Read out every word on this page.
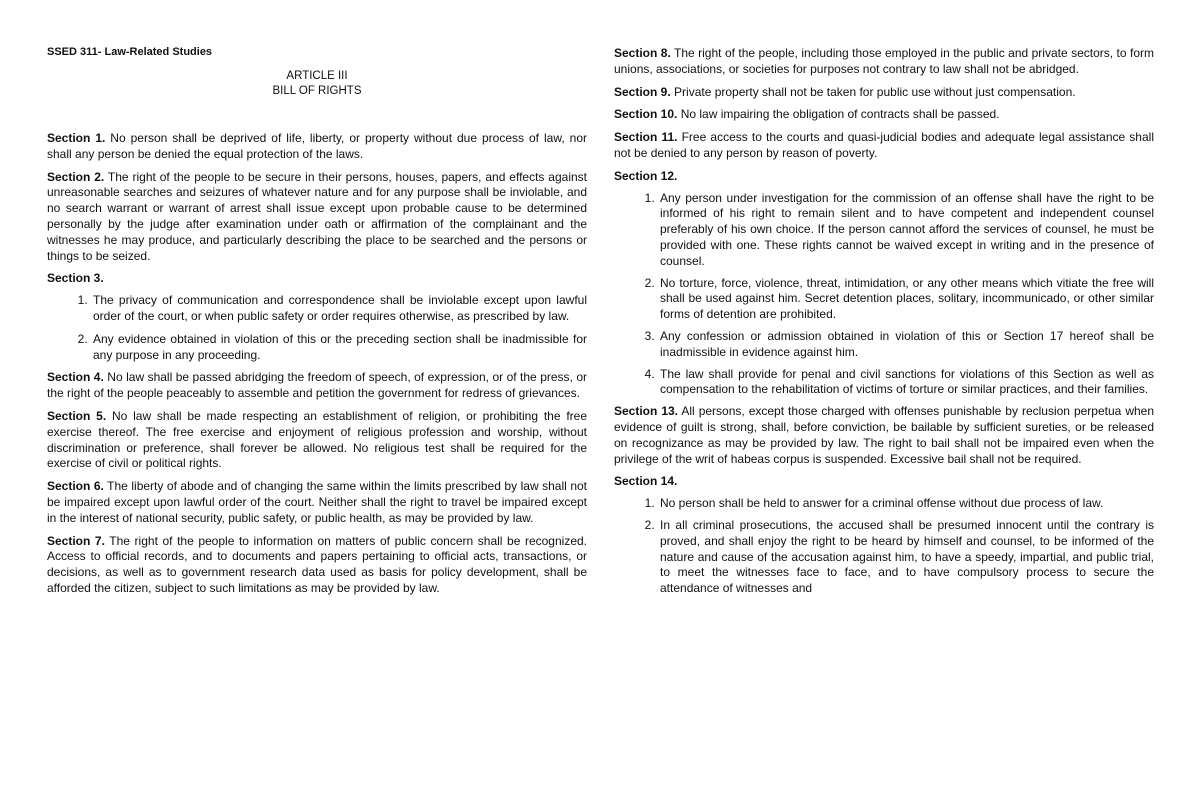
SSED 311- Law-Related Studies

ARTICLE III
BILL OF RIGHTS

Section 1. No person shall be deprived of life, liberty, or property without due process of law, nor shall any person be denied the equal protection of the laws.

Section 2. The right of the people to be secure in their persons, houses, papers, and effects against unreasonable searches and seizures of whatever nature and for any purpose shall be inviolable, and no search warrant or warrant of arrest shall issue except upon probable cause to be determined personally by the judge after examination under oath or affirmation of the complainant and the witnesses he may produce, and particularly describing the place to be searched and the persons or things to be seized.

Section 3.

1. The privacy of communication and correspondence shall be inviolable except upon lawful order of the court, or when public safety or order requires otherwise, as prescribed by law.
2. Any evidence obtained in violation of this or the preceding section shall be inadmissible for any purpose in any proceeding.

Section 4. No law shall be passed abridging the freedom of speech, of expression, or of the press, or the right of the people peaceably to assemble and petition the government for redress of grievances.

Section 5. No law shall be made respecting an establishment of religion, or prohibiting the free exercise thereof. The free exercise and enjoyment of religious profession and worship, without discrimination or preference, shall forever be allowed. No religious test shall be required for the exercise of civil or political rights.

Section 6. The liberty of abode and of changing the same within the limits prescribed by law shall not be impaired except upon lawful order of the court. Neither shall the right to travel be impaired except in the interest of national security, public safety, or public health, as may be provided by law.

Section 7. The right of the people to information on matters of public concern shall be recognized. Access to official records, and to documents and papers pertaining to official acts, transactions, or decisions, as well as to government research data used as basis for policy development, shall be afforded the citizen, subject to such limitations as may be provided by law.

Section 8. The right of the people, including those employed in the public and private sectors, to form unions, associations, or societies for purposes not contrary to law shall not be abridged.

Section 9. Private property shall not be taken for public use without just compensation.

Section 10. No law impairing the obligation of contracts shall be passed.

Section 11. Free access to the courts and quasi-judicial bodies and adequate legal assistance shall not be denied to any person by reason of poverty.

Section 12.

1. Any person under investigation for the commission of an offense shall have the right to be informed of his right to remain silent and to have competent and independent counsel preferably of his own choice. If the person cannot afford the services of counsel, he must be provided with one. These rights cannot be waived except in writing and in the presence of counsel.
2. No torture, force, violence, threat, intimidation, or any other means which vitiate the free will shall be used against him. Secret detention places, solitary, incommunicado, or other similar forms of detention are prohibited.
3. Any confession or admission obtained in violation of this or Section 17 hereof shall be inadmissible in evidence against him.
4. The law shall provide for penal and civil sanctions for violations of this Section as well as compensation to the rehabilitation of victims of torture or similar practices, and their families.

Section 13. All persons, except those charged with offenses punishable by reclusion perpetua when evidence of guilt is strong, shall, before conviction, be bailable by sufficient sureties, or be released on recognizance as may be provided by law. The right to bail shall not be impaired even when the privilege of the writ of habeas corpus is suspended. Excessive bail shall not be required.

Section 14.

1. No person shall be held to answer for a criminal offense without due process of law.
2. In all criminal prosecutions, the accused shall be presumed innocent until the contrary is proved, and shall enjoy the right to be heard by himself and counsel, to be informed of the nature and cause of the accusation against him, to have a speedy, impartial, and public trial, to meet the witnesses face to face, and to have compulsory process to secure the attendance of witnesses and
